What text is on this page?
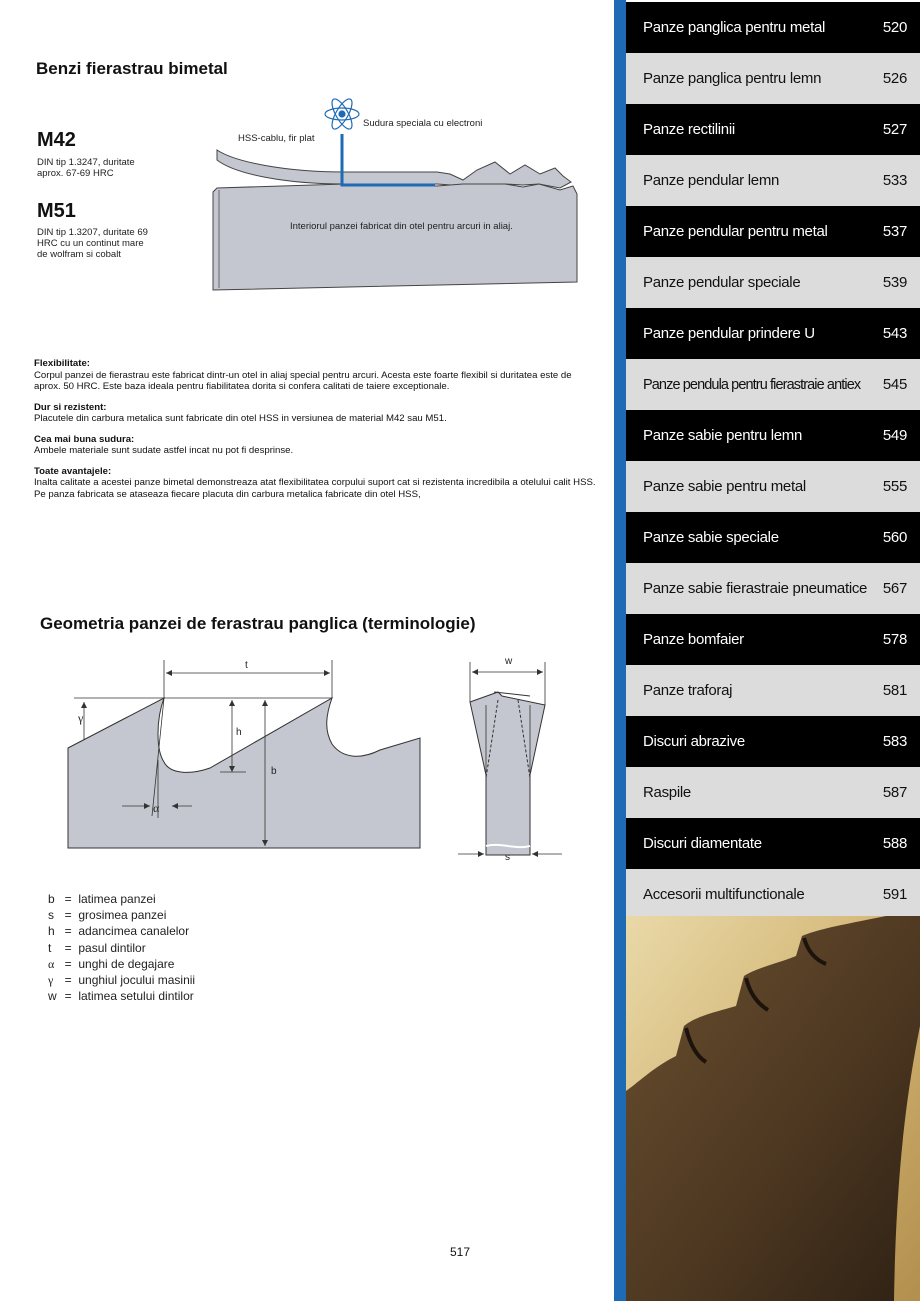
Benzi fierastrau bimetal
M42
DIN tip 1.3247, duritate
aprox. 67-69 HRC
M51
DIN tip 1.3207, duritate 69
HRC cu un continut mare
de wolfram si cobalt
Sudura speciala cu electroni
HSS-cablu, fir plat
Interiorul panzei fabricat din otel pentru arcuri in aliaj.
Flexibilitate:
Corpul panzei de fierastrau este fabricat dintr-un otel in aliaj special pentru arcuri. Acesta este foarte flexibil si duritatea este de aprox. 50 HRC. Este baza ideala pentru fiabilitatea dorita si confera calitati de taiere exceptionale.
Dur si rezistent:
Placutele din carbura metalica sunt fabricate din otel HSS in versiunea de material M42 sau M51.
Cea mai buna sudura:
Ambele materiale sunt sudate astfel incat nu pot fi desprinse.
Toate avantajele:
Inalta calitate a acestei panze bimetal demonstreaza atat flexibilitatea corpului suport cat si rezistenta incredibila a otelului calit HSS. Pe panza fabricata se ataseaza fiecare placuta din carbura metalica fabricate din otel HSS,
Geometria panzei de ferastrau panglica (terminologie)
t
γ
h
b
α
w
s
b  =  latimea panzei
s  =  grosimea panzei
h  =  adancimea canalelor
t  =  pasul dintilor
α  =  unghi de degajare
γ  =  unghiul jocului masinii
w  =  latimea setului dintilor
517
Panze panglica pentru metal	520
Panze panglica pentru lemn	526
Panze rectilinii	527
Panze pendular lemn	533
Panze pendular pentru metal	537
Panze pendular speciale	539
Panze pendular prindere U	543
Panze pendula pentru fierastraie antiex 545
Panze sabie pentru lemn	549
Panze sabie pentru metal	555
Panze sabie speciale	560
Panze sabie fierastraie pneumatice 567
Panze bomfaier	578
Panze traforaj	581
Discuri abrazive	583
Raspile	587
Discuri diamentate	588
Accesorii multifunctionale	591
